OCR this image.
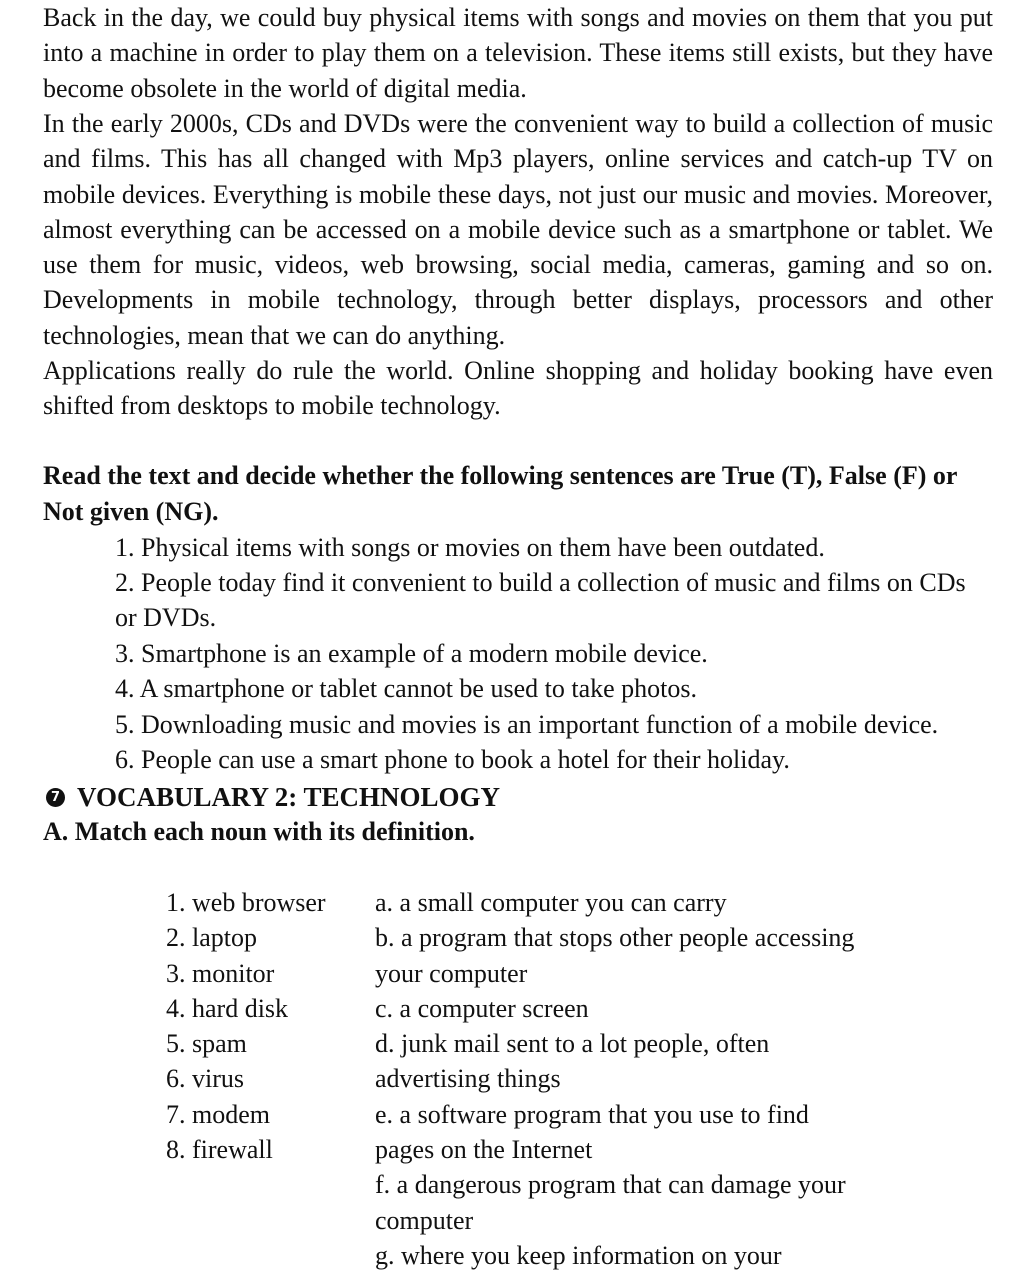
Back in the day, we could buy physical items with songs and movies on them that you put into a machine in order to play them on a television. These items still exists, but they have become obsolete in the world of digital media.

In the early 2000s, CDs and DVDs were the convenient way to build a collection of music and films. This has all changed with Mp3 players, online services and catch-up TV on mobile devices. Everything is mobile these days, not just our music and movies. Moreover, almost everything can be accessed on a mobile device such as a smartphone or tablet. We use them for music, videos, web browsing, social media, cameras, gaming and so on. Developments in mobile technology, through better displays, processors and other technologies, mean that we can do anything.

Applications really do rule the world. Online shopping and holiday booking have even shifted from desktops to mobile technology.

Read the text and decide whether the following sentences are True (T), False (F) or Not given (NG).

1. Physical items with songs or movies on them have been outdated.

2. People today find it convenient to build a collection of music and films on CDs or DVDs.

3. Smartphone is an example of a modern mobile device.

4. A smartphone or tablet cannot be used to take photos.

5. Downloading music and movies is an important function of a mobile device.

6. People can use a smart phone to book a hotel for their holiday.

7 VOCABULARY 2: TECHNOLOGY

A. Match each noun with its definition.

1. web browser
2. laptop
3. monitor
4. hard disk
5. spam
6. virus
7. modem
8. firewall
a. a small computer you can carry
b. a program that stops other people accessing
your computer
c. a computer screen
d. junk mail sent to a lot people, often
advertising things
e. a software program that you use to find
pages on the Internet
f. a dangerous program that can damage your
computer
g. where you keep information on your
